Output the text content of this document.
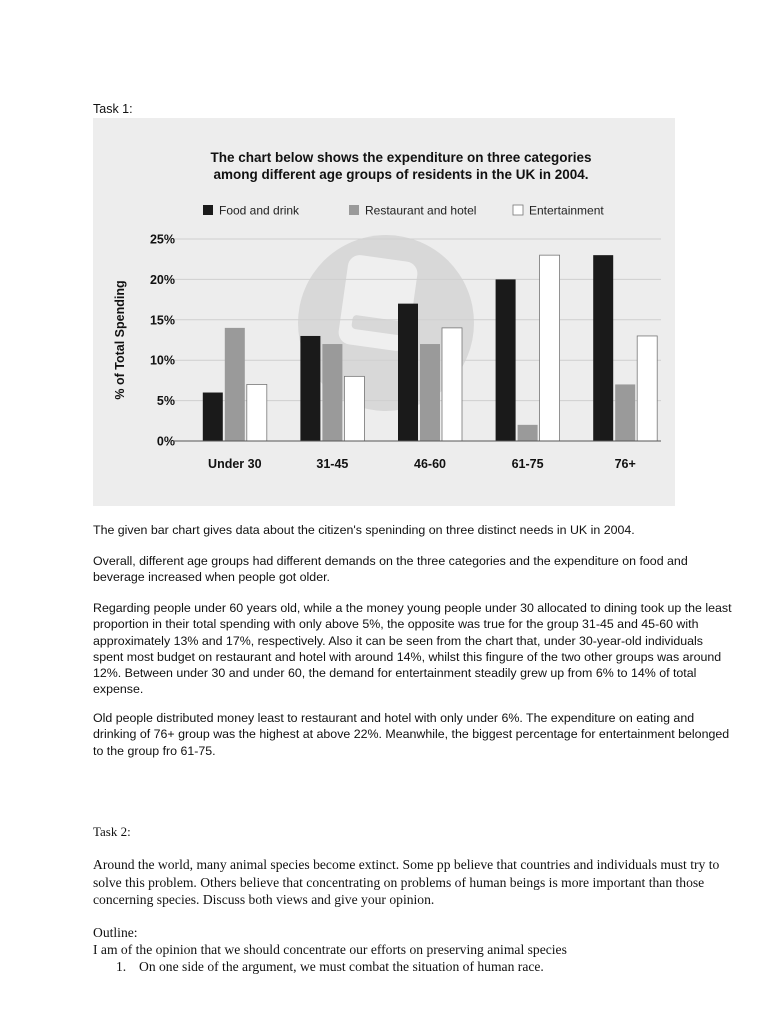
Task 1:
The chart below shows the expenditure on three categories
among different age groups of residents in the UK in 2004.
Food and drink	Restaurant and hotel	Entertainment
0%
5%
10%
15%
20%
25%
Under 30	31-45	46-60	61-75	76+
% of Total Spending

The given bar chart gives data about the citizen's speninding on three distinct needs in UK in 2004.

Overall, different age groups had different demands on the three categories and the expenditure on food and beverage increased when people got older.

Regarding people under 60 years old, while a the money young people under 30 allocated to dining took up the least proportion in their total spending with only above 5%, the opposite was true for the group 31-45 and 45-60 with approximately 13% and 17%, respectively. Also it can be seen from the chart that, under 30-year-old individuals spent most budget on restaurant and hotel with around 14%, whilst this fingure of the two other groups was around 12%. Between under 30 and under 60, the demand for entertainment steadily grew up from 6% to 14% of total expense.

Old people distributed money least to restaurant and hotel with only under 6%. The expenditure on eating and drinking of 76+ group was the highest at above 22%. Meanwhile, the biggest percentage for entertainment belonged to the group fro 61-75.

Task 2:

Around the world, many animal species become extinct. Some pp believe that countries and individuals must try to solve this problem. Others believe that concentrating on problems of human beings is more important than those concerning species. Discuss both views and give your opinion.

Outline:
I am of the opinion that we should concentrate our efforts on preserving animal species
1. On one side of the argument, we must combat the situation of human race.
